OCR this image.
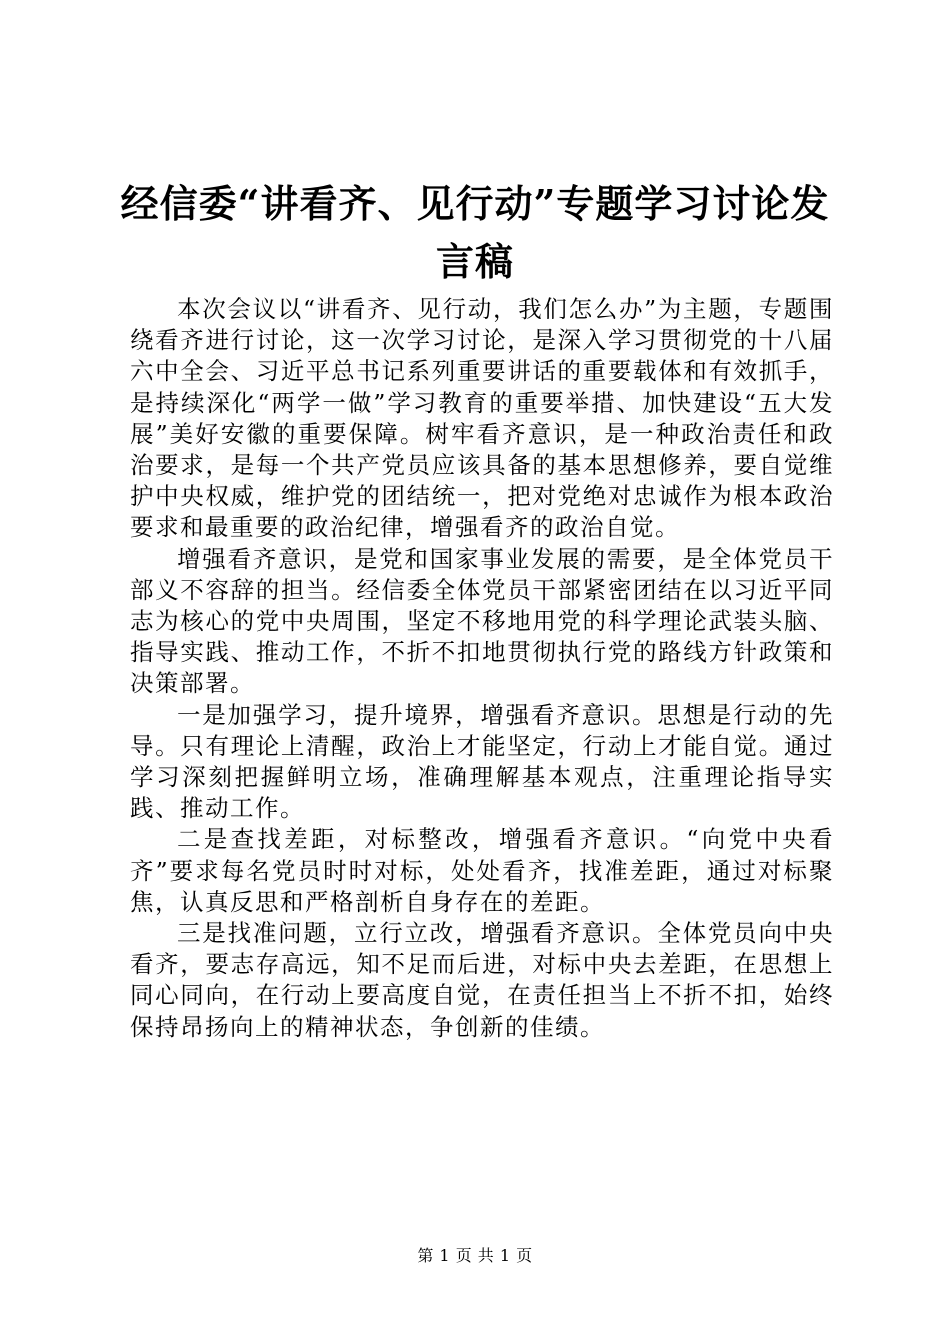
经信委“讲看齐、见行动”专题学习讨论发言稿

本次会议以“讲看齐、见行动，我们怎么办”为主题，专题围绕看齐进行讨论，这一次学习讨论，是深入学习贯彻党的十八届六中全会、习近平总书记系列重要讲话的重要载体和有效抓手，是持续深化“两学一做”学习教育的重要举措、加快建设“五大发展”美好安徽的重要保障。树牢看齐意识，是一种政治责任和政治要求，是每一个共产党员应该具备的基本思想修养，要自觉维护中央权威，维护党的团结统一，把对党绝对忠诚作为根本政治要求和最重要的政治纪律，增强看齐的政治自觉。

增强看齐意识，是党和国家事业发展的需要，是全体党员干部义不容辞的担当。经信委全体党员干部紧密团结在以习近平同志为核心的党中央周围，坚定不移地用党的科学理论武装头脑、指导实践、推动工作，不折不扣地贯彻执行党的路线方针政策和决策部署。

一是加强学习，提升境界，增强看齐意识。思想是行动的先导。只有理论上清醒，政治上才能坚定，行动上才能自觉。通过学习深刻把握鲜明立场，准确理解基本观点，注重理论指导实践、推动工作。

二是查找差距，对标整改，增强看齐意识。“向党中央看齐”要求每名党员时时对标，处处看齐，找准差距，通过对标聚焦，认真反思和严格剖析自身存在的差距。

三是找准问题，立行立改，增强看齐意识。全体党员向中央看齐，要志存高远，知不足而后进，对标中央去差距，在思想上同心同向，在行动上要高度自觉，在责任担当上不折不扣，始终保持昂扬向上的精神状态，争创新的佳绩。

第 1 页 共 1 页
